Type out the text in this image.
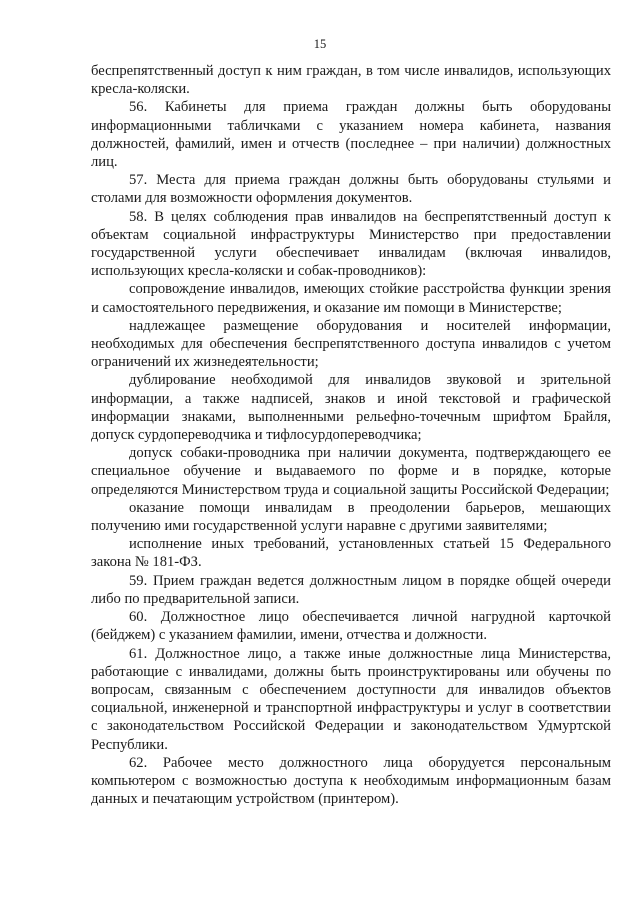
15

беспрепятственный доступ к ним граждан, в том числе инвалидов, использующих кресла-коляски.

56. Кабинеты для приема граждан должны быть оборудованы информационными табличками с указанием номера кабинета, названия должностей, фамилий, имен и отчеств (последнее – при наличии) должностных лиц.

57. Места для приема граждан должны быть оборудованы стульями и столами для возможности оформления документов.

58. В целях соблюдения прав инвалидов на беспрепятственный доступ к объектам социальной инфраструктуры Министерство при предоставлении государственной услуги обеспечивает инвалидам (включая инвалидов, использующих кресла-коляски и собак-проводников):

сопровождение инвалидов, имеющих стойкие расстройства функции зрения и самостоятельного передвижения, и оказание им помощи в Министерстве;

надлежащее размещение оборудования и носителей информации, необходимых для обеспечения беспрепятственного доступа инвалидов с учетом ограничений их жизнедеятельности;

дублирование необходимой для инвалидов звуковой и зрительной информации, а также надписей, знаков и иной текстовой и графической информации знаками, выполненными рельефно-точечным шрифтом Брайля, допуск сурдопереводчика и тифлосурдопереводчика;

допуск собаки-проводника при наличии документа, подтверждающего ее специальное обучение и выдаваемого по форме и в порядке, которые определяются Министерством труда и социальной защиты Российской Федерации;

оказание помощи инвалидам в преодолении барьеров, мешающих получению ими государственной услуги наравне с другими заявителями;

исполнение иных требований, установленных статьей 15 Федерального закона № 181-ФЗ.

59. Прием граждан ведется должностным лицом в порядке общей очереди либо по предварительной записи.

60. Должностное лицо обеспечивается личной нагрудной карточкой (бейджем) с указанием фамилии, имени, отчества и должности.

61. Должностное лицо, а также иные должностные лица Министерства, работающие с инвалидами, должны быть проинструктированы или обучены по вопросам, связанным с обеспечением доступности для инвалидов объектов социальной, инженерной и транспортной инфраструктуры и услуг в соответствии с законодательством Российской Федерации и законодательством Удмуртской Республики.

62. Рабочее место должностного лица оборудуется персональным компьютером с возможностью доступа к необходимым информационным базам данных и печатающим устройством (принтером).
